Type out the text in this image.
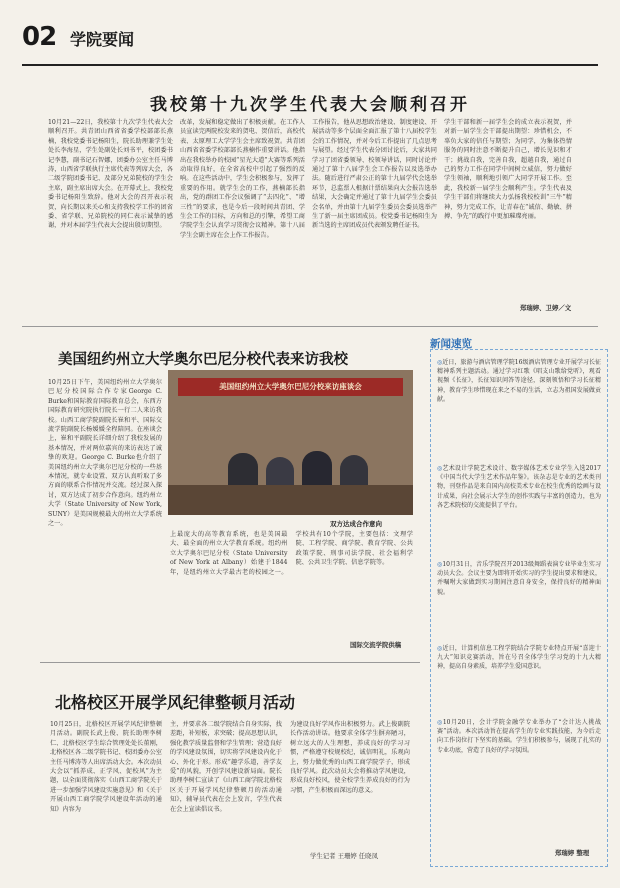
02 学院要闻
我校第十九次学生代表大会顺利召开
10月21—22日，我校第十九次学生代表大会顺利召开。共青团山西省省委学校部部长燕楠，我校党委书记杨阳生，院长助理兼学生处处长李海星，学生处副处长刘书平，校团委书记李慧，副书记石智娜，团委办公室主任马博涛，山西省学联执行主席代表等列席大会，各二级学院团委书记、及部分兄弟院校的学生会主席，副主席出席大会。在开幕式上，我校党委书记杨阳生致辞。他对大会的召开表示祝贺，向长期以来关心和支持我校学工作的团省委、省学联、兄弟院校的同仁表示诚挚的感谢，并对本届学生代表大会提出殷切期望。
改革，发展和稳定做出了积极贡献。在工作人员宣读完两院校发来的贺电、贺信后，高校代表、太原理工大学学生会主席致祝贺。共青团山西省省委学校部部长燕楠作重要讲话。他指出在我校举办的校园“星光大道”大赛等系列活动取得良好，在全省高校中引起了强烈的反响。在这些活动中，学生会积极参与，发挥了重要的作用。就学生会的工作，燕楠部长指出，党的群团工作会议强调了“去四化”、“增三性”的要求，也是今后一段时间共青团、学生会工作的目标，方向和总的引擎，希望工商学院学生会认真学习贯彻会议精神。第十八届学生会副主席在会上作工作报告。
工作报告，他从思想政治建设、制度建设、开展活动等多个层面全面汇报了第十八届校学生会的工作情况，并对今后工作提出了几点思考与展望。经过学生代表分团讨论后，大家共同学习了团省委领导、校领导讲话，同时讨论并通过了第十八届学生会工作报告以及选举办法。随后进行严肃公正的第十九届学代会选举环节，总监票人根据计票结果向大会报告选举结果，大会确定并通过了第十九届学生会委员会名单，并由第十九届学生委员会委员选举产生了新一届主席团成员。校党委书记杨阳生为新当选的主席团成员代表颁发聘任证书。
学生干部和新一届学生会的成立表示祝贺，并对新一届学生会干部提出期望：珍惜机会，不辜负大家的信任与期望；为同学，为集体热情服务的同时注意不断提升自己，增长见识和才干；挑战自我，完善自我，超越自我，通过自己的努力工作在同学中间树立威信，努力做好学生领袖，顺利地引领广大同学开展工作。至此，我校新一届学生会顺利产生。学生代表及学生干部们将继续大力弘扬我校校训“三牛”精神，努力完成工作，让青春在“诚信、勤敏、拼搏、争先”的践行中更加璀璨亮丽。
郑瑞婷、卫婷／文
美国纽约州立大学奥尔巴尼分校代表来访我校
10月25日下午，美国纽约州立大学奥尔巴尼分校国际合作专家George C. Burke和国际教育国际教育总会，东西方国际教育研究院执行院长一行二人来访我校。山西工商学院副院长崔和平、国际交流学院副院长杨媛媛全程陪同。在座谈会上，崔和平副院长详细介绍了我校发展的基本情况，并对两位嘉宾的来访表达了诚挚的欢迎。George C. Burke也介绍了美国纽约州立大学奥尔巴尼分校的一些基本情况，就专业设置、双方认真听取了多方面的联系合作情况并交流。经过深入探讨，双方达成了初步合作意向。纽约州立大学（State University of New York, SUNY）是美国规模最大的州立大学系统之一。
美国纽约州立大学奥尔巴尼分校来访座谈会
双方达成合作意向
上最庞大的高等教育系统，也是美国最大、最全面的州立大学教育系统。纽约州立大学奥尔巴尼分校（State University of New York at Albany）始建于1844年，是纽约州立大学最古老的校园之一。学校共有10个学院，主要包括：文理学院、工程学院、商学院、教育学院、公共政策学院、刑事司法学院、社会福利学院、公共卫生学院、信息学院等。
国际交流学院供稿
北格校区开展学风纪律整顿月活动
10月25日，北格校区开展学风纪律整顿月活动。副院长武上俊、院长助理李树仁、北格校区学生综合管理处处长董刚，北格校区各二级学院书记、校团委办公室主任马博涛等人出席活动大会。本次动员大会以“抓养成、正学风、促校风”为主题，以全面贯彻落实《山西工商学院关于进一步加强学风建设实施意见》和《关于开展山西工商学院学风建设年活动的通知》内容为
主，并要求各二级学院结合自身实际，找差距，补短板，求突破；提高思想认识，强化教学质量监督和学生管理；营造良好的学风建设氛围，切实将学风建设内化于心、外化于形。形成“趣学乐道，善学友爱”的风貌，开创学风建设新局面。院长助理李树仁宣读了《山西工商学院北格校区关于开展学风纪律整顿月的活动通知》，辅导员代表在会上发言，学生代表在会上宣读倡议书。
为建设良好学风作出积极努力。武上俊副院长作活动讲话。他要求全体学生摒弃陋习，树立远大的人生理想，养成良好的学习习惯，严格遵守校规校纪，诚信明礼，乐观向上，努力做优秀的山西工商学院学子，形成良好学风。此次动员大会将推动学风建设，形成良好校风，使全校学生养成良好的行为习惯，产生积极而深远的意义。
学生记者 王珊婷 任晓凤
新闻速览
◎近日，旅游与酒店管理学院16级酒店管理专业开展学习长征精神系列主题活动。通过学习红歌《唱支山歌给党听》，观看视频《长征》，长征知识问答等途径，深刻领悟和学习长征精神，教育学生珍惜现在来之不易的生活，立志为祖国发展做贡献。
◎艺术设计学院艺术设计、数字媒体艺术专业学生入选2017《中国当代大学生艺术作品年鉴》。该杂志是专业的艺术类刊物，刊登作品是来自国内高校美术专业在校生优秀的绘画与设计成果，向社会展示大学生的创作实践与丰富的创造力，也为各艺术院校的交流提供了平台。
◎10月31日，音乐学院召开2013级舞蹈表演专业毕业生实习动员大会。会议主要为即将开始实习的学生提出要求和建议，并嘱咐大家做到实习期间注意自身安全，保持良好的精神面貌。
◎近日，计算机信息工程学院结合学院专业特点开展“喜迎十九大”知识竞赛活动，旨在号召全体学生学习党的十九大精神，提高自身素质，培养学生爱国意识。
◎10月20日，会计学院金融学专业举办了“会计达人挑战赛”活动。本次活动旨在提高学生的专业实践技能，为今后走向工作岗位打下坚实的基础。学生们积极参与，展现了扎实的专业功底，营造了良好的学习氛围。
郑瑞婷 整理
